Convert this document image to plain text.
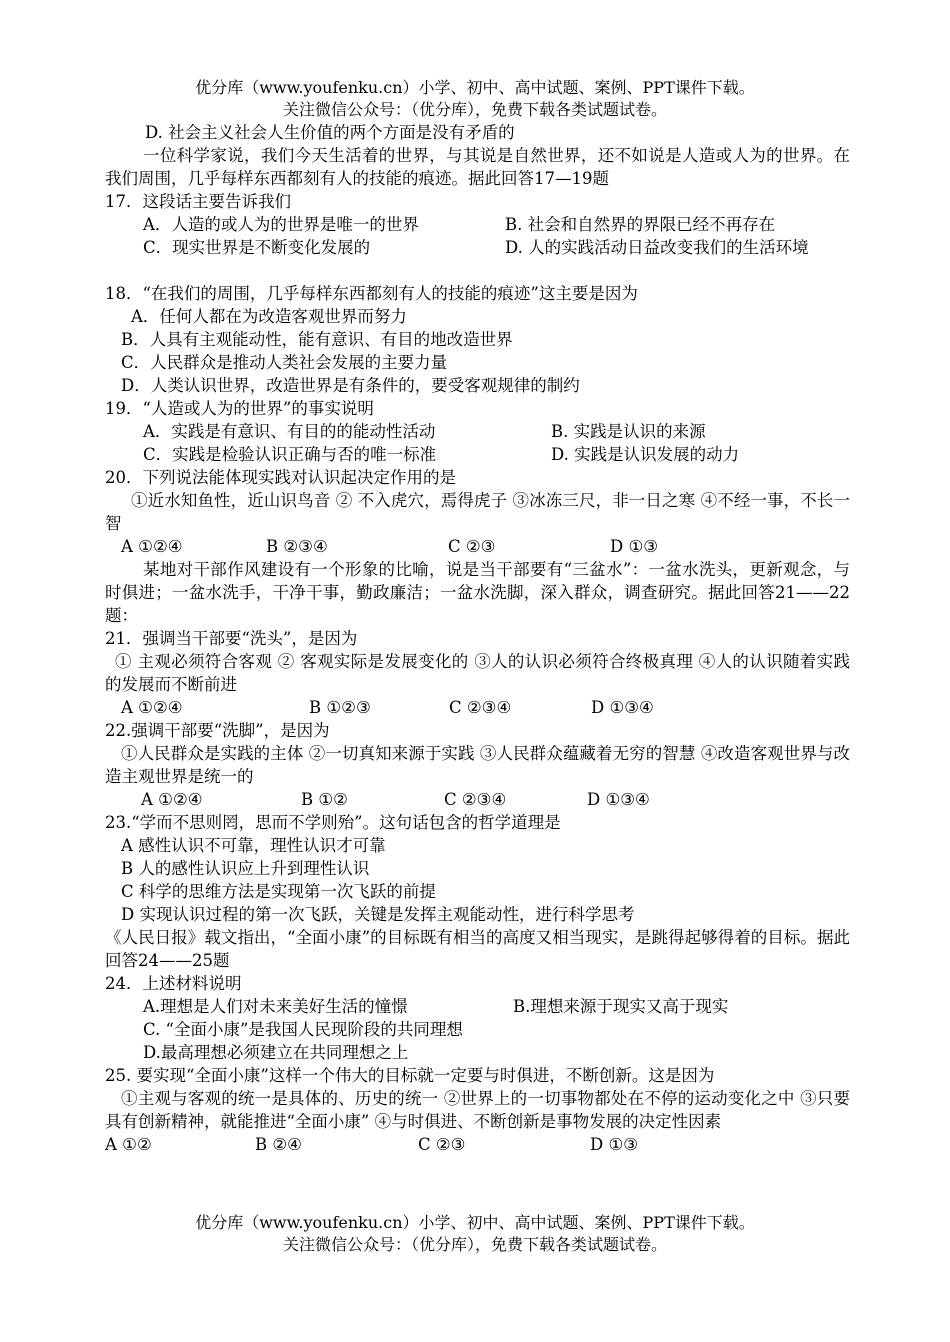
优分库（www.youfenku.cn）小学、初中、高中试题、案例、PPT课件下载。
关注微信公众号：（优分库），免费下载各类试题试卷。
D. 社会主义社会人生价值的两个方面是没有矛盾的
一位科学家说，我们今天生活着的世界，与其说是自然世界，还不如说是人造或人为的世界。在我们周围，几乎每样东西都刻有人的技能的痕迹。据此回答17—19题
17．这段话主要告诉我们
A．人造的或人为的世界是唯一的世界	B. 社会和自然界的界限已经不再存在
C．现实世界是不断变化发展的	D. 人的实践活动日益改变我们的生活环境
18．“在我们的周围，几乎每样东西都刻有人的技能的痕迹”这主要是因为
A．任何人都在为改造客观世界而努力
B．人具有主观能动性，能有意识、有目的地改造世界
C．人民群众是推动人类社会发展的主要力量
D．人类认识世界，改造世界是有条件的，要受客观规律的制约
19．“人造或人为的世界”的事实说明
A．实践是有意识、有目的的能动性活动	B. 实践是认识的来源
C．实践是检验认识正确与否的唯一标准	D. 实践是认识发展的动力
20．下列说法能体现实践对认识起决定作用的是
①近水知鱼性，近山识鸟音 ② 不入虎穴，焉得虎子 ③冰冻三尺，非一日之寒 ④不经一事，不长一智
A ①②④	B ②③④	C ②③	D ①③
某地对干部作风建设有一个形象的比喻，说是当干部要有“三盆水”：一盆水洗头，更新观念，与时俱进；一盆水洗手，干净干事，勤政廉洁；一盆水洗脚，深入群众，调查研究。据此回答21——22题：
21．强调当干部要“洗头”，是因为
① 主观必须符合客观 ② 客观实际是发展变化的 ③人的认识必须符合终极真理 ④人的认识随着实践的发展而不断前进
A ①②④	B ①②③	C ②③④	D ①③④
22.强调干部要“洗脚”，是因为
①人民群众是实践的主体 ②一切真知来源于实践 ③人民群众蕴藏着无穷的智慧 ④改造客观世界与改造主观世界是统一的
A ①②④	B ①②	C ②③④	D ①③④
23.“学而不思则罔，思而不学则殆”。这句话包含的哲学道理是
A 感性认识不可靠，理性认识才可靠
B 人的感性认识应上升到理性认识
C 科学的思维方法是实现第一次飞跃的前提
D 实现认识过程的第一次飞跃，关键是发挥主观能动性，进行科学思考
《人民日报》载文指出，“全面小康”的目标既有相当的高度又相当现实，是跳得起够得着的目标。据此回答24——25题
24．上述材料说明
A.理想是人们对未来美好生活的憧憬	B.理想来源于现实又高于现实
C. “全面小康”是我国人民现阶段的共同理想
D.最高理想必须建立在共同理想之上
25. 要实现“全面小康”这样一个伟大的目标就一定要与时俱进，不断创新。这是因为
①主观与客观的统一是具体的、历史的统一 ②世界上的一切事物都处在不停的运动变化之中 ③只要具有创新精神，就能推进“全面小康” ④与时俱进、不断创新是事物发展的决定性因素
A ①②	B ②④	C ②③	D ①③
优分库（www.youfenku.cn）小学、初中、高中试题、案例、PPT课件下载。
关注微信公众号：（优分库），免费下载各类试题试卷。
